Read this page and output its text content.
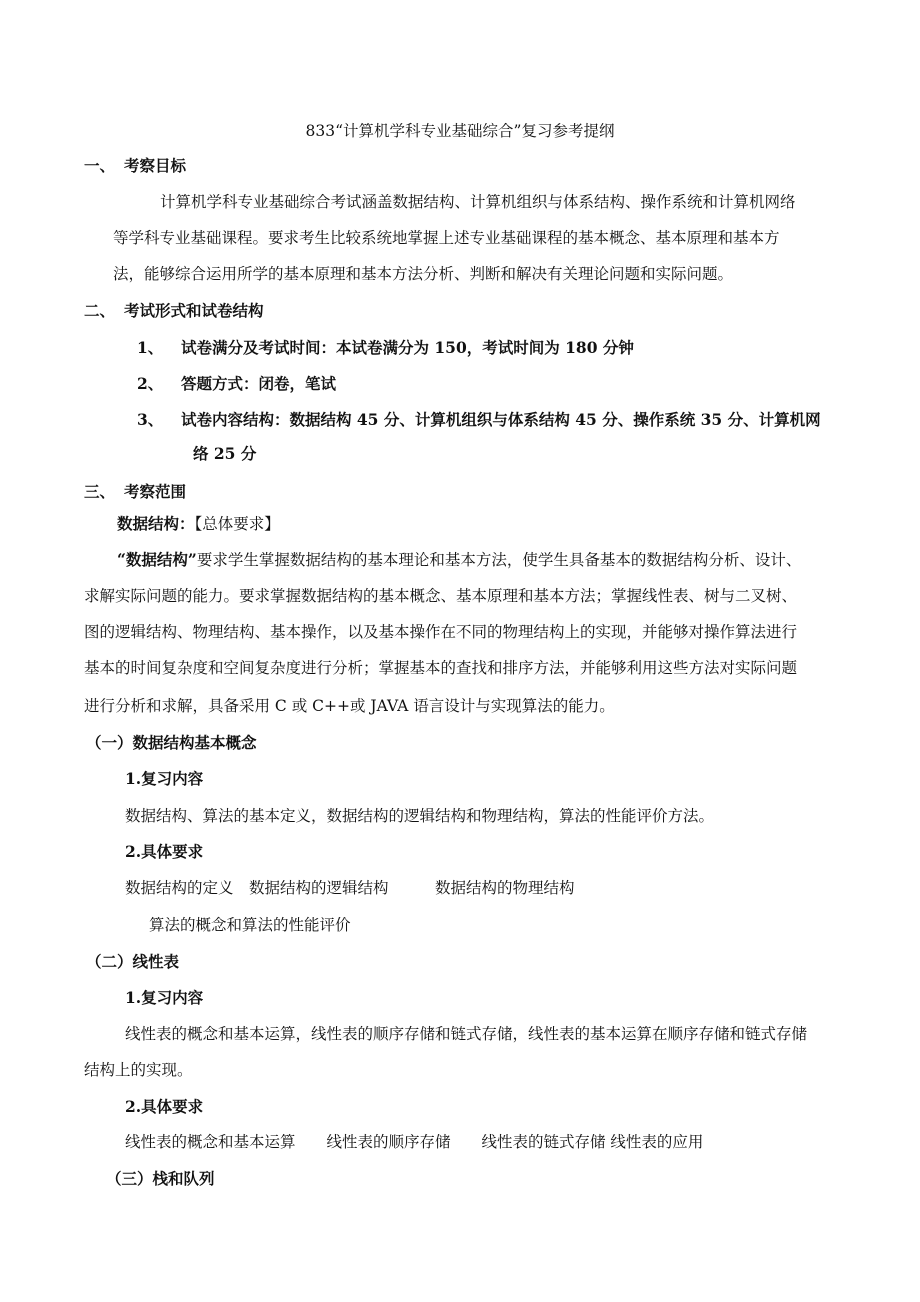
833“计算机学科专业基础综合”复习参考提纲
一、 考察目标
计算机学科专业基础综合考试涵盖数据结构、计算机组织与体系结构、操作系统和计算机网络
等学科专业基础课程。要求考生比较系统地掌握上述专业基础课程的基本概念、基本原理和基本方
法，能够综合运用所学的基本原理和基本方法分析、判断和解决有关理论问题和实际问题。
二、 考试形式和试卷结构
1、 试卷满分及考试时间：本试卷满分为 150，考试时间为 180 分钟
2、 答题方式：闭卷，笔试
3、 试卷内容结构：数据结构 45 分、计算机组织与体系结构 45 分、操作系统 35 分、计算机网
络 25 分
三、 考察范围
数据结构：【总体要求】
“数据结构”要求学生掌握数据结构的基本理论和基本方法，使学生具备基本的数据结构分析、设计、
求解实际问题的能力。要求掌握数据结构的基本概念、基本原理和基本方法；掌握线性表、树与二叉树、
图的逻辑结构、物理结构、基本操作，以及基本操作在不同的物理结构上的实现，并能够对操作算法进行
基本的时间复杂度和空间复杂度进行分析；掌握基本的查找和排序方法，并能够利用这些方法对实际问题
进行分析和求解，具备采用 C 或 C++或 JAVA 语言设计与实现算法的能力。
（一）数据结构基本概念
1.复习内容
数据结构、算法的基本定义，数据结构的逻辑结构和物理结构，算法的性能评价方法。
2.具体要求
数据结构的定义　数据结构的逻辑结构　　　数据结构的物理结构
算法的概念和算法的性能评价
（二）线性表
1.复习内容
线性表的概念和基本运算，线性表的顺序存储和链式存储，线性表的基本运算在顺序存储和链式存储
结构上的实现。
2.具体要求
线性表的概念和基本运算　　线性表的顺序存储　　线性表的链式存储 线性表的应用
（三）栈和队列
